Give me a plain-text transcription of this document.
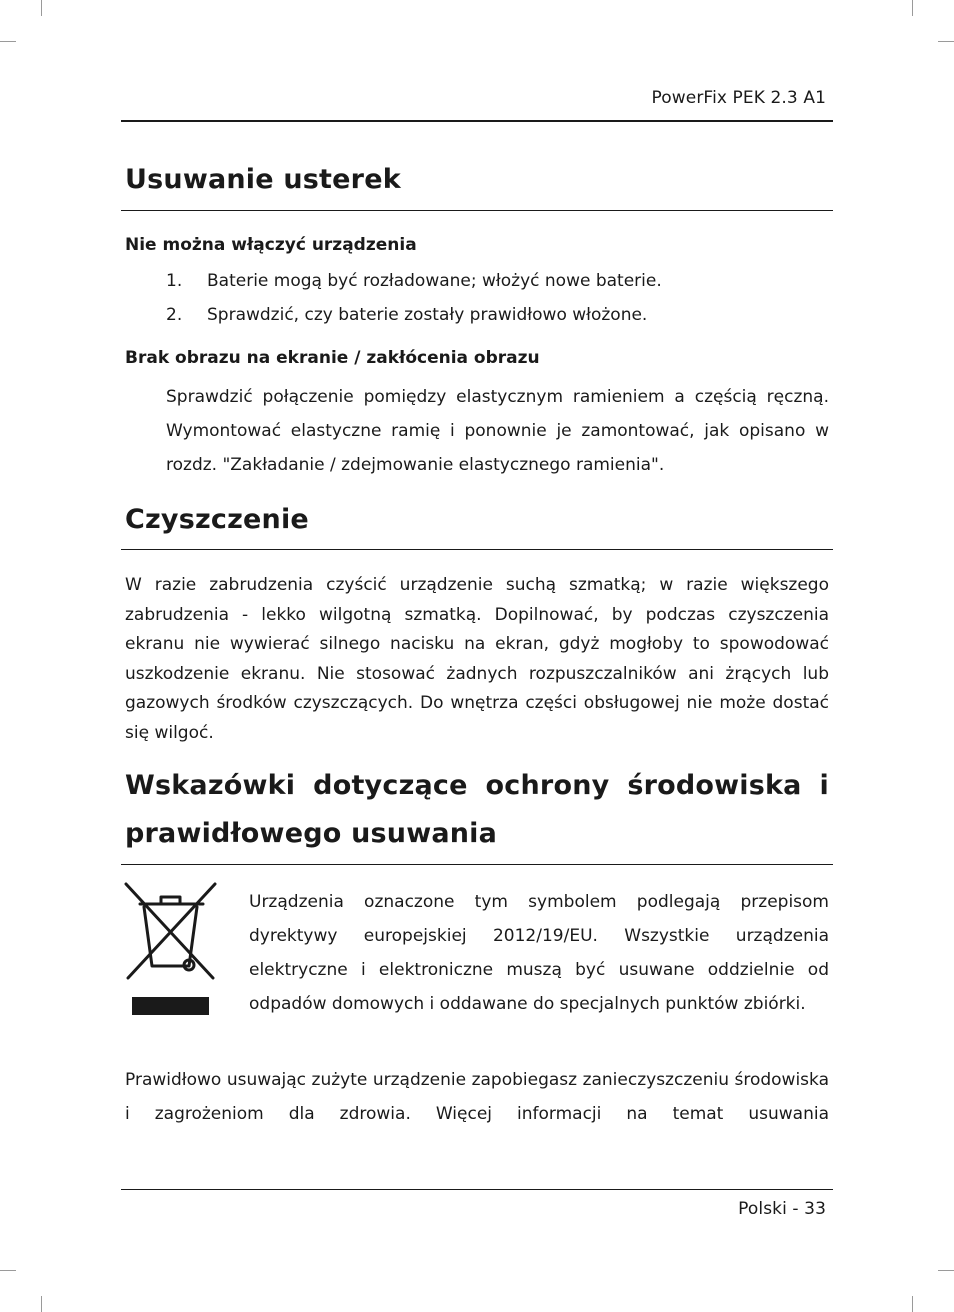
PowerFix PEK 2.3 A1
Usuwanie usterek
Nie można włączyć urządzenia
1. Baterie mogą być rozładowane; włożyć nowe baterie.
2. Sprawdzić, czy baterie zostały prawidłowo włożone.
Brak obrazu na ekranie / zakłócenia obrazu

Sprawdzić połączenie pomiędzy elastycznym ramieniem a częścią ręczną. Wymontować elastyczne ramię i ponownie je zamontować, jak opisano w rozdz. "Zakładanie / zdejmowanie elastycznego ramienia".

Czyszczenie

W razie zabrudzenia czyścić urządzenie suchą szmatką; w razie większego zabrudzenia - lekko wilgotną szmatką. Dopilnować, by podczas czyszczenia ekranu nie wywierać silnego nacisku na ekran, gdyż mogłoby to spowodować uszkodzenie ekranu. Nie stosować żadnych rozpuszczalników ani żrących lub gazowych środków czyszczących. Do wnętrza części obsługowej nie może dostać się wilgoć.

Wskazówki dotyczące ochrony środowiska i
prawidłowego usuwania

Urządzenia oznaczone tym symbolem podlegają przepisom dyrektywy europejskiej 2012/19/EU. Wszystkie urządzenia elektryczne i elektroniczne muszą być usuwane oddzielnie od odpadów domowych i oddawane do specjalnych punktów zbiórki.

Prawidłowo usuwając zużyte urządzenie zapobiegasz zanieczyszczeniu środowiska i zagrożeniom dla zdrowia. Więcej informacji na temat usuwania

Polski - 33
